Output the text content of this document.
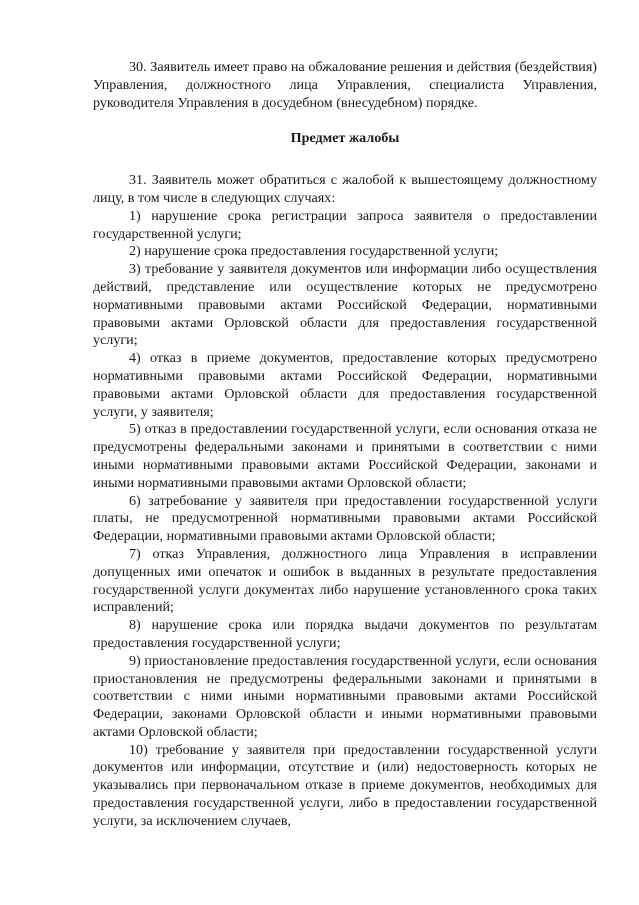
30. Заявитель имеет право на обжалование решения и действия (бездействия) Управления, должностного лица Управления, специалиста Управления, руководителя Управления в досудебном (внесудебном) порядке.

Предмет жалобы

31. Заявитель может обратиться с жалобой к вышестоящему должностному лицу, в том числе в следующих случаях:

1) нарушение срока регистрации запроса заявителя о предоставлении государственной услуги;

2) нарушение срока предоставления государственной услуги;

3) требование у заявителя документов или информации либо осуществления действий, представление или осуществление которых не предусмотрено нормативными правовыми актами Российской Федерации, нормативными правовыми актами Орловской области для предоставления государственной услуги;

4) отказ в приеме документов, предоставление которых предусмотрено нормативными правовыми актами Российской Федерации, нормативными правовыми актами Орловской области для предоставления государственной услуги, у заявителя;

5) отказ в предоставлении государственной услуги, если основания отказа не предусмотрены федеральными законами и принятыми в соответствии с ними иными нормативными правовыми актами Российской Федерации, законами и иными нормативными правовыми актами Орловской области;

6) затребование у заявителя при предоставлении государственной услуги платы, не предусмотренной нормативными правовыми актами Российской Федерации, нормативными правовыми актами Орловской области;

7) отказ Управления, должностного лица Управления в исправлении допущенных ими опечаток и ошибок в выданных в результате предоставления государственной услуги документах либо нарушение установленного срока таких исправлений;

8) нарушение срока или порядка выдачи документов по результатам предоставления государственной услуги;

9) приостановление предоставления государственной услуги, если основания приостановления не предусмотрены федеральными законами и принятыми в соответствии с ними иными нормативными правовыми актами Российской Федерации, законами Орловской области и иными нормативными правовыми актами Орловской области;

10) требование у заявителя при предоставлении государственной услуги документов или информации, отсутствие и (или) недостоверность которых не указывались при первоначальном отказе в приеме документов, необходимых для предоставления государственной услуги, либо в предоставлении государственной услуги, за исключением случаев,
